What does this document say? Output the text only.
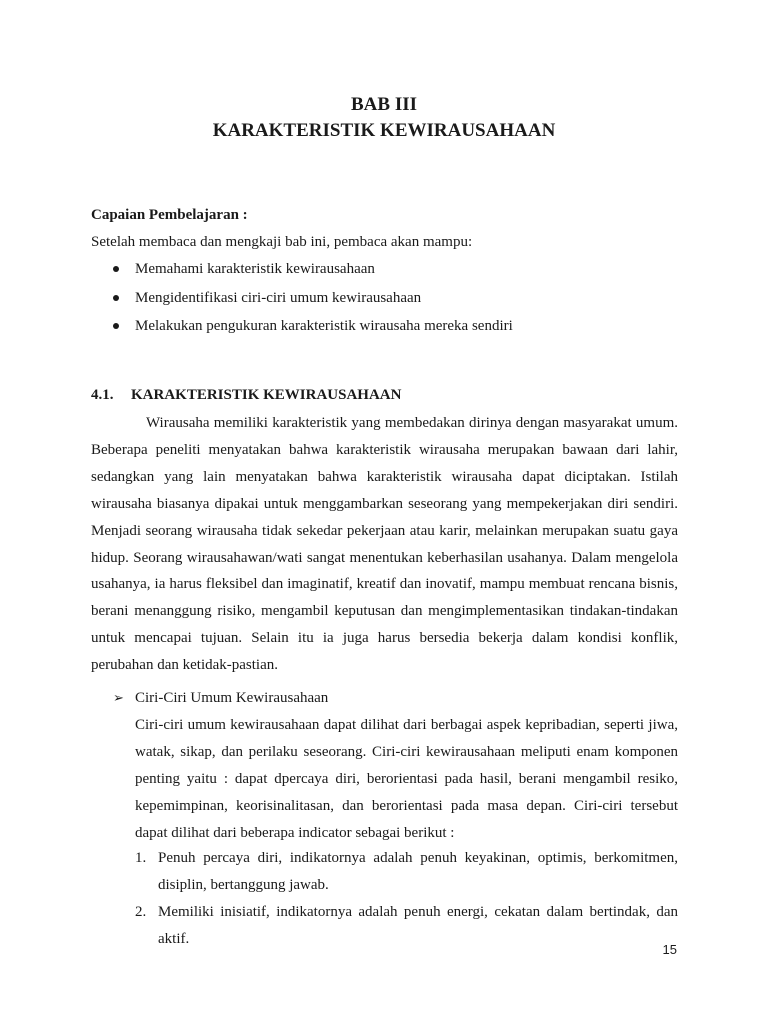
BAB III
KARAKTERISTIK KEWIRAUSAHAAN
Capaian Pembelajaran :
Setelah membaca dan mengkaji bab ini, pembaca akan mampu:
Memahami karakteristik kewirausahaan
Mengidentifikasi ciri-ciri umum kewirausahaan
Melakukan pengukuran karakteristik wirausaha mereka sendiri
4.1. KARAKTERISTIK KEWIRAUSAHAAN

Wirausaha memiliki karakteristik yang membedakan dirinya dengan masyarakat umum. Beberapa peneliti menyatakan bahwa karakteristik wirausaha merupakan bawaan dari lahir, sedangkan yang lain menyatakan bahwa karakteristik wirausaha dapat diciptakan. Istilah wirausaha biasanya dipakai untuk menggambarkan seseorang yang mempekerjakan diri sendiri. Menjadi seorang wirausaha tidak sekedar pekerjaan atau karir, melainkan merupakan suatu gaya hidup. Seorang wirausahawan/wati sangat menentukan keberhasilan usahanya. Dalam mengelola usahanya, ia harus fleksibel dan imaginatif, kreatif dan inovatif, mampu membuat rencana bisnis, berani menanggung risiko, mengambil keputusan dan mengimplementasikan tindakan-tindakan untuk mencapai tujuan. Selain itu ia juga harus bersedia bekerja dalam kondisi konflik, perubahan dan ketidak-pastian.

➢ Ciri-Ciri Umum Kewirausahaan

Ciri-ciri umum kewirausahaan dapat dilihat dari berbagai aspek kepribadian, seperti jiwa, watak, sikap, dan perilaku seseorang. Ciri-ciri kewirausahaan meliputi enam komponen penting yaitu : dapat dpercaya diri, berorientasi pada hasil, berani mengambil resiko, kepemimpinan, keorisinalitasan, dan berorientasi pada masa depan. Ciri-ciri tersebut dapat dilihat dari beberapa indicator sebagai berikut :

1. Penuh percaya diri, indikatornya adalah penuh keyakinan, optimis, berkomitmen, disiplin, bertanggung jawab.
2. Memiliki inisiatif, indikatornya adalah penuh energi, cekatan dalam bertindak, dan aktif.
15
